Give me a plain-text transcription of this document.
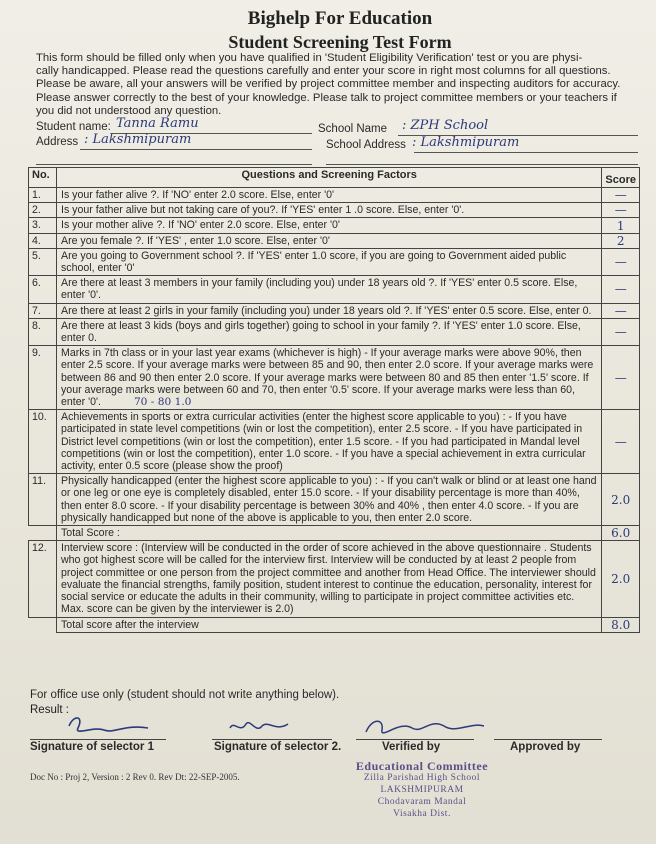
Bighelp For Education
Student Screening Test Form
This form should be filled only when you have qualified in 'Student Eligibility Verification' test or you are physi-
cally handicapped. Please read the questions carefully and enter your score in right most columns for all questions.
Please be aware, all your answers will be verified by project committee member and inspecting auditors for accuracy.
Please answer correctly to the best of your knowledge. Please talk to project committee members or your teachers if
you did not understood any question.
Student name: Tanna Ramu	School Name : ZPH School
Address : Lakshmipuram	School Address : Lakshmipuram
No.	Questions and Screening Factors	Score
1.	Is your father alive ?. If 'NO' enter 2.0 score. Else, enter '0'	—
2.	Is your father alive but not taking care of you?. If 'YES' enter 1 .0 score. Else, enter '0'.	—
3.	Is your mother alive ?. If 'NO' enter 2.0 score. Else, enter '0'	1
4.	Are you female ?. If 'YES' , enter 1.0 score. Else, enter '0'	2
5.	Are you going to Government school ?. If 'YES' enter 1.0 score, if you are going to Government aided public school, enter '0'	—
6.	Are there at least 3 members in your family (including you) under 18 years old ?. If 'YES' enter 0.5 score. Else, enter '0'.	—
7.	Are there at least 2 girls in your family (including you) under 18 years old ?. If 'YES' enter 0.5 score. Else, enter 0.	—
8.	Are there at least 3 kids (boys and girls together) going to school in your family ?. If 'YES' enter 1.0 score. Else, enter 0.	—
9.	Marks in 7th class or in your last year exams (whichever is high) - If your average marks were above 90%, then enter 2.5 score. If your average marks were between 85 and 90, then enter 2.0 score. If your average marks were between 86 and 90 then enter 2.0 score. If your average marks were between 80 and 85 then enter '1.5' score. If your average marks were between 60 and 70, then enter '0.5' score. If your average marks were less than 60, enter '0'. 70 - 80 1.0	—
10.	Achievements in sports or extra curricular activities (enter the highest score applicable to you) : - If you have participated in state level competitions (win or lost the competition), enter 2.5 score. - If you have participated in District level competitions (win or lost the competition), enter 1.5 score. - If you had participated in Mandal level competitions (win or lost the competition), enter 1.0 score. - If you have a special achievement in extra curricular activity, enter 0.5 score (please show the proof)	—
11.	Physically handicapped (enter the highest score applicable to you) : - If you can't walk or blind or at least one hand or one leg or one eye is completely disabled, enter 15.0 score. - If your disability percentage is more than 40%, then enter 8.0 score. - If your disability percentage is between 30% and 40% , then enter 4.0 score. - If you are physically handicapped but none of the above is applicable to you, then enter 2.0 score.	2.0
	Total Score :	6.0
12.	Interview score : (Interview will be conducted in the order of score achieved in the above questionnaire . Students who got highest score will be called for the interview first. Interview will be conducted by at least 2 people from project committee or one person from the project committee and another from Head Office. The interviewer should evaluate the financial strengths, family position, student interest to continue the education, personality, interest for social service or educate the adults in their community, willing to participate in project committee activities etc. Max. score can be given by the interviewer is 2.0)	2.0
	Total score after the interview	8.0
For office use only (student should not write anything below).
Result :
Signature of selector 1	Signature of selector 2.	Verified by	Approved by
Doc No : Proj 2, Version : 2 Rev 0. Rev Dt: 22-SEP-2005.
Educational Committee
Zilla Parishad High School
LAKSHMIPURAM
Chodavaram Mandal
Visakha Dist.
